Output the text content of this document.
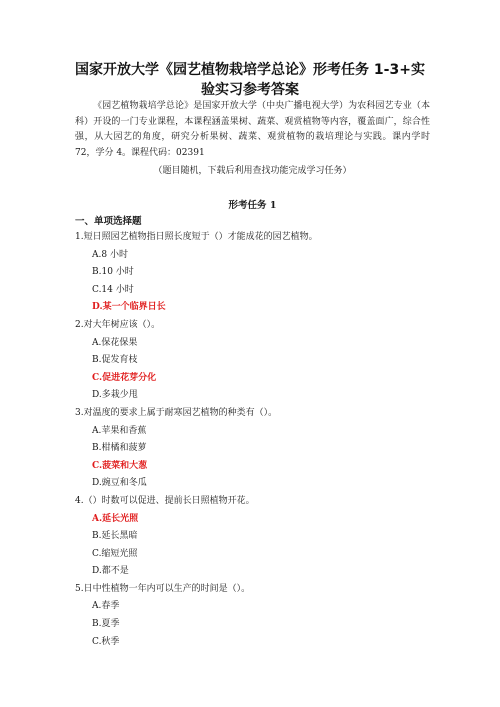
国家开放大学《园艺植物栽培学总论》形考任务 1-3+实验实习参考答案
《园艺植物栽培学总论》是国家开放大学（中央广播电视大学）为农科园艺专业（本科）开设的一门专业课程，本课程涵盖果树、蔬菜、观赏植物等内容，覆盖面广，综合性强，从大园艺的角度，研究分析果树、蔬菜、观赏植物的栽培理论与实践。课内学时 72，学分 4。课程代码：02391
（题目随机，下载后利用查找功能完成学习任务）
形考任务 1
一、单项选择题
1.短日照园艺植物指日照长度短于（）才能成花的园艺植物。
A.8 小时
B.10 小时
C.14 小时
D.某一个临界日长
2.对大年树应该（）。
A.保花保果
B.促发育枝
C.促进花芽分化
D.多栽少甩
3.对温度的要求上属于耐寒园艺植物的种类有（）。
A.苹果和香蕉
B.柑橘和菠萝
C.菠菜和大葱
D.豌豆和冬瓜
4.（）时数可以促进、提前长日照植物开花。
A.延长光照
B.延长黑暗
C.缩短光照
D.都不是
5.日中性植物一年内可以生产的时间是（）。
A.春季
B.夏季
C.秋季
